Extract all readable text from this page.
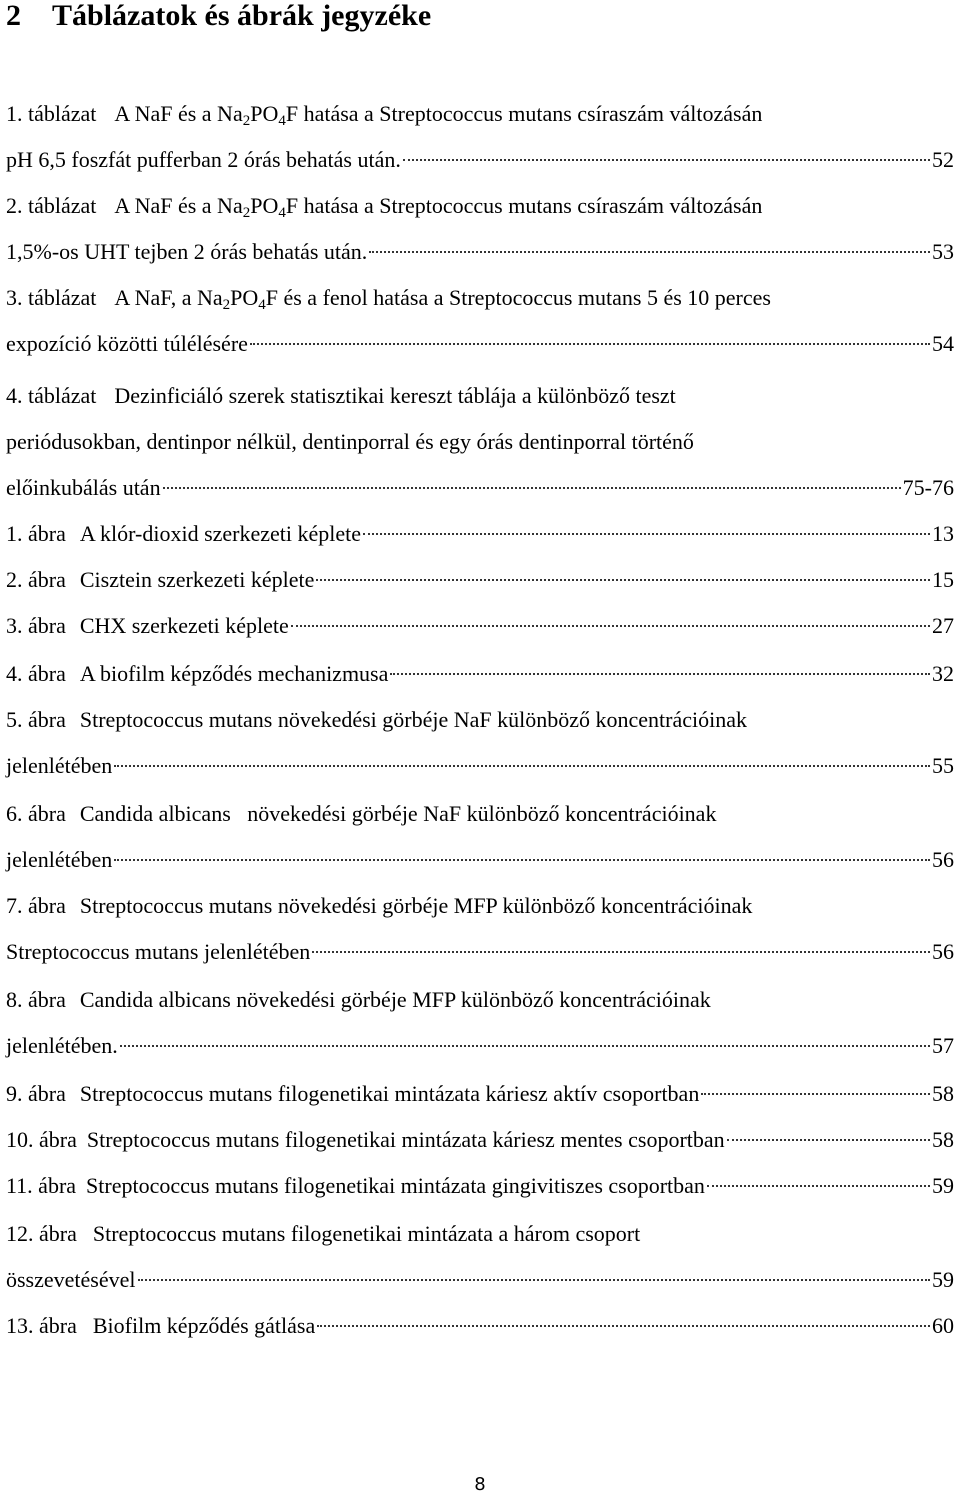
2 Táblázatok és ábrák jegyzéke
1. táblázat A NaF és a $Na_2PO_4F$ hatása a Streptococcus mutans csíraszám változásán
pH 6,5 foszfát pufferban 2 órás behatás után.	52
2. táblázat A NaF és a $Na_2PO_4F$ hatása a Streptococcus mutans csíraszám változásán
1,5%-os UHT tejben 2 órás behatás után.	53
3. táblázat A NaF, a $Na_2PO_4F$ és a fenol hatása a Streptococcus mutans 5 és 10 perces
expozíció közötti túlélésére	54
4. táblázat Dezinficiáló szerek statisztikai kereszt táblája a különböző teszt
periódusokban, dentinpor nélkül, dentinporral és egy órás dentinporral történő
előinkubálás után	75-76
1. ábra A klór-dioxid szerkezeti képlete	13
2. ábra Cisztein szerkezeti képlete	15
3. ábra CHX szerkezeti képlete	27
4. ábra A biofilm képződés mechanizmusa	32
5. ábra Streptococcus mutans növekedési görbéje NaF különböző koncentrációinak
jelenlétében	55
6. ábra Candida albicans   növekedési görbéje NaF különböző koncentrációinak
jelenlétében	56
7. ábra Streptococcus mutans növekedési görbéje MFP különböző koncentrációinak
Streptococcus mutans jelenlétében	56
8. ábra Candida albicans növekedési görbéje MFP különböző koncentrációinak
jelenlétében.	57
9. ábra Streptococcus mutans filogenetikai mintázata káriesz aktív csoportban	58
10. ábra Streptococcus mutans filogenetikai mintázata káriesz mentes csoportban	58
11. ábra Streptococcus mutans filogenetikai mintázata gingivitiszes csoportban	59
12. ábra Streptococcus mutans filogenetikai mintázata a három csoport
összevetésével	59
13. ábra Biofilm képződés gátlása	60
8
